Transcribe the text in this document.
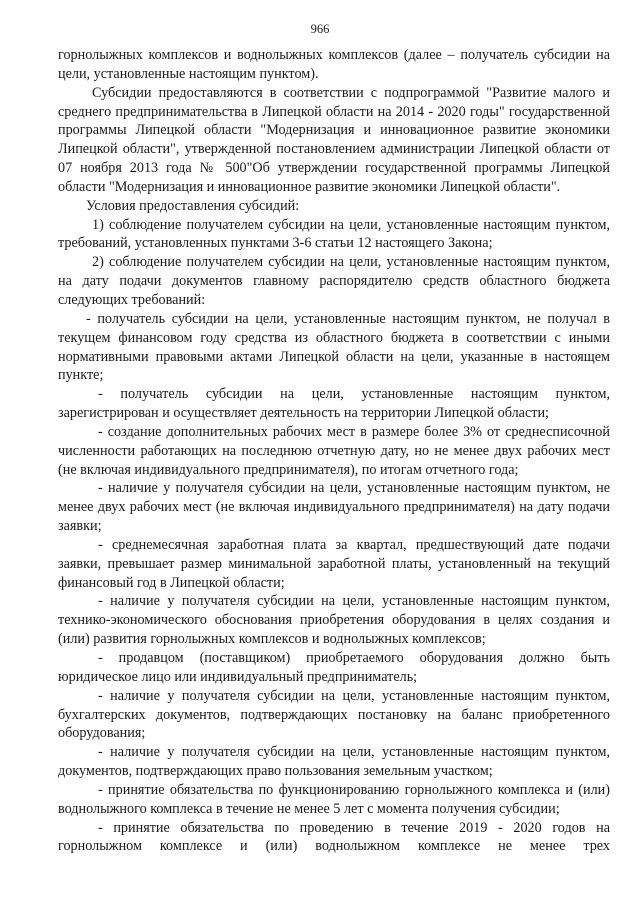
966

горнолыжных комплексов и воднолыжных комплексов (далее – получатель субсидии на цели, установленные настоящим пунктом).

Субсидии предоставляются в соответствии с подпрограммой "Развитие малого и среднего предпринимательства в Липецкой области на 2014 - 2020 годы" государственной программы Липецкой области "Модернизация и инновационное развитие экономики Липецкой области", утвержденной постановлением администрации Липецкой области от 07 ноября 2013 года № 500"Об утверждении государственной программы Липецкой области "Модернизация и инновационное развитие экономики Липецкой области".

Условия предоставления субсидий:

1) соблюдение получателем субсидии на цели, установленные настоящим пунктом, требований, установленных пунктами 3-6 статьи 12 настоящего Закона;

2) соблюдение получателем субсидии на цели, установленные настоящим пунктом, на дату подачи документов главному распорядителю средств областного бюджета следующих требований:

- получатель субсидии на цели, установленные настоящим пунктом, не получал в текущем финансовом году средства из областного бюджета в соответствии с иными нормативными правовыми актами Липецкой области на цели, указанные в настоящем пункте;

- получатель субсидии на цели, установленные настоящим пунктом, зарегистрирован и осуществляет деятельность на территории Липецкой области;

- создание дополнительных рабочих мест в размере более 3% от среднесписочной численности работающих на последнюю отчетную дату, но не менее двух рабочих мест (не включая индивидуального предпринимателя), по итогам отчетного года;

- наличие у получателя субсидии на цели, установленные настоящим пунктом, не менее двух рабочих мест (не включая индивидуального предпринимателя) на дату подачи заявки;

- среднемесячная заработная плата за квартал, предшествующий дате подачи заявки, превышает размер минимальной заработной платы, установленный на текущий финансовый год в Липецкой области;

- наличие у получателя субсидии на цели, установленные настоящим пунктом, технико-экономического обоснования приобретения оборудования в целях создания и (или) развития горнолыжных комплексов и воднолыжных комплексов;

- продавцом (поставщиком) приобретаемого оборудования должно быть юридическое лицо или индивидуальный предприниматель;

- наличие у получателя субсидии на цели, установленные настоящим пунктом, бухгалтерских документов, подтверждающих постановку на баланс приобретенного оборудования;

- наличие у получателя субсидии на цели, установленные настоящим пунктом, документов, подтверждающих право пользования земельным участком;

- принятие обязательства по функционированию горнолыжного комплекса и (или) воднолыжного комплекса в течение не менее 5 лет с момента получения субсидии;

- принятие обязательства по проведению в течение 2019 - 2020 годов на горнолыжном комплексе и (или) воднолыжном комплексе не менее трех
